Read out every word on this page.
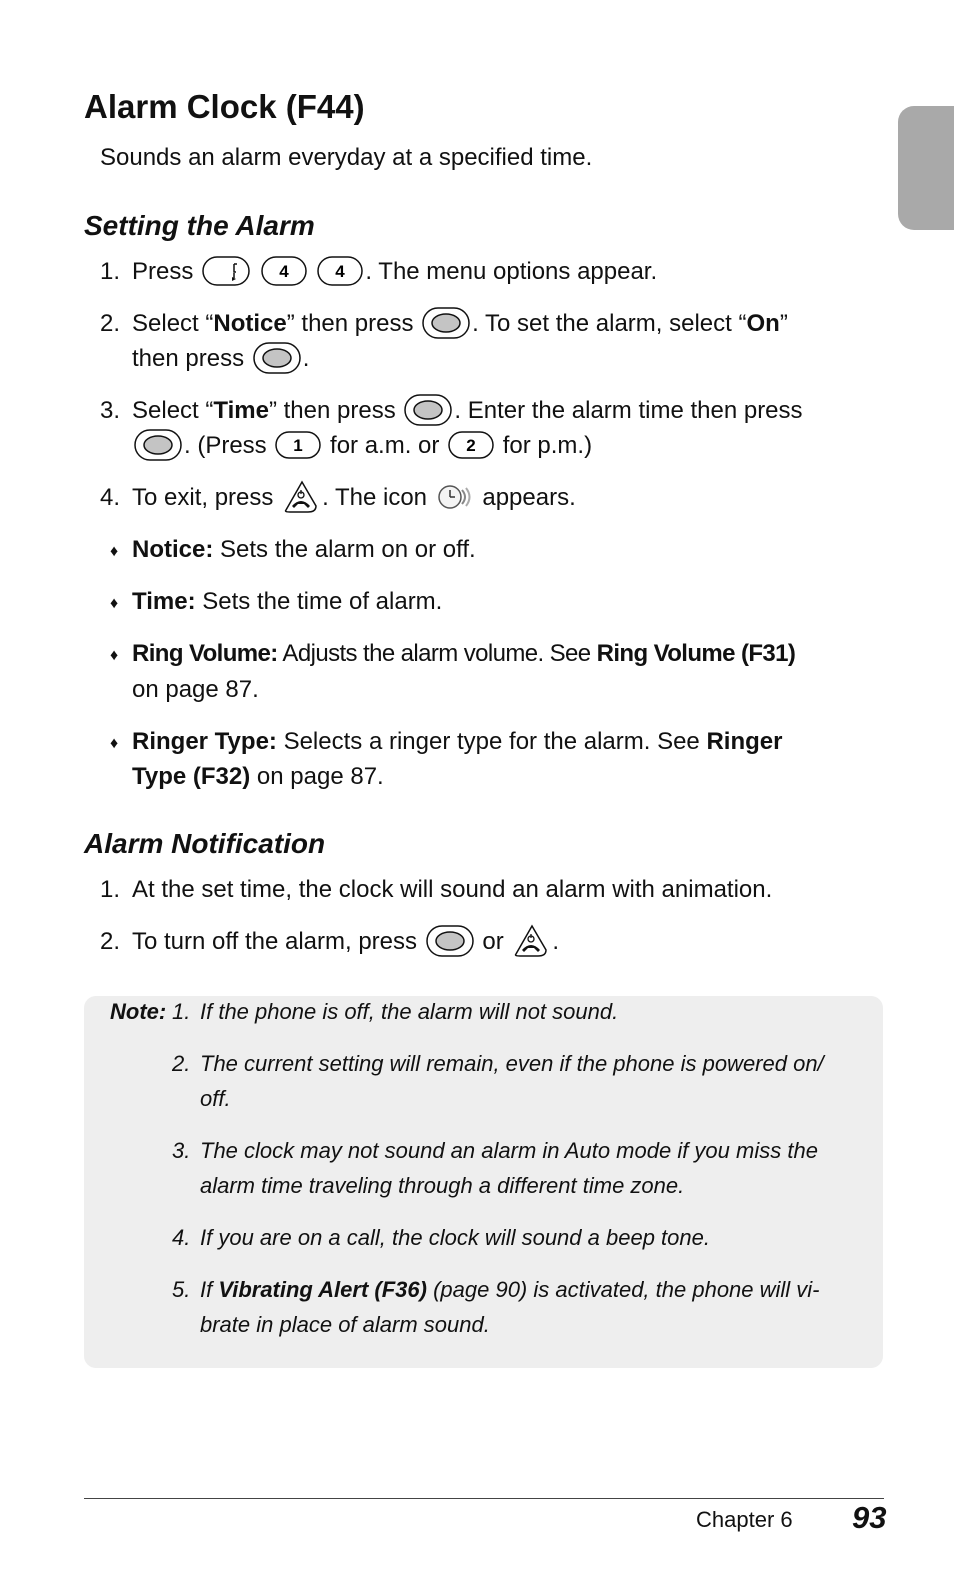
Alarm Clock (F44)

Sounds an alarm everyday at a specified time.

Setting the Alarm
1. Press
	4
	4 . The menu options appear.
2. Select “Notice” then press . To set the alarm, select “On”
then press .
3. Select “Time” then press . Enter the alarm time then press
. (Press 1 for a.m. or 2 for p.m.)
4. To exit, press . The icon appears.
♦ Notice: Sets the alarm on or off.
♦ Time: Sets the time of alarm.
♦ Ring Volume: Adjusts the alarm volume. See Ring Volume (F31)
on page 87.
♦ Ringer Type: Selects a ringer type for the alarm. See Ringer
Type (F32) on page 87.
Alarm Notification
1. At the set time, the clock will sound an alarm with animation.
2. To turn off the alarm, press	or .
Note: 1. If the phone is off, the alarm will not sound.
2. The current setting will remain, even if the phone is powered on/
off.
3. The clock may not sound an alarm in Auto mode if you miss the
alarm time traveling through a different time zone.
4. If you are on a call, the clock will sound a beep tone.
5. If Vibrating Alert (F36) (page 90) is activated, the phone will vi-
brate in place of alarm sound.
Chapter 6 93
